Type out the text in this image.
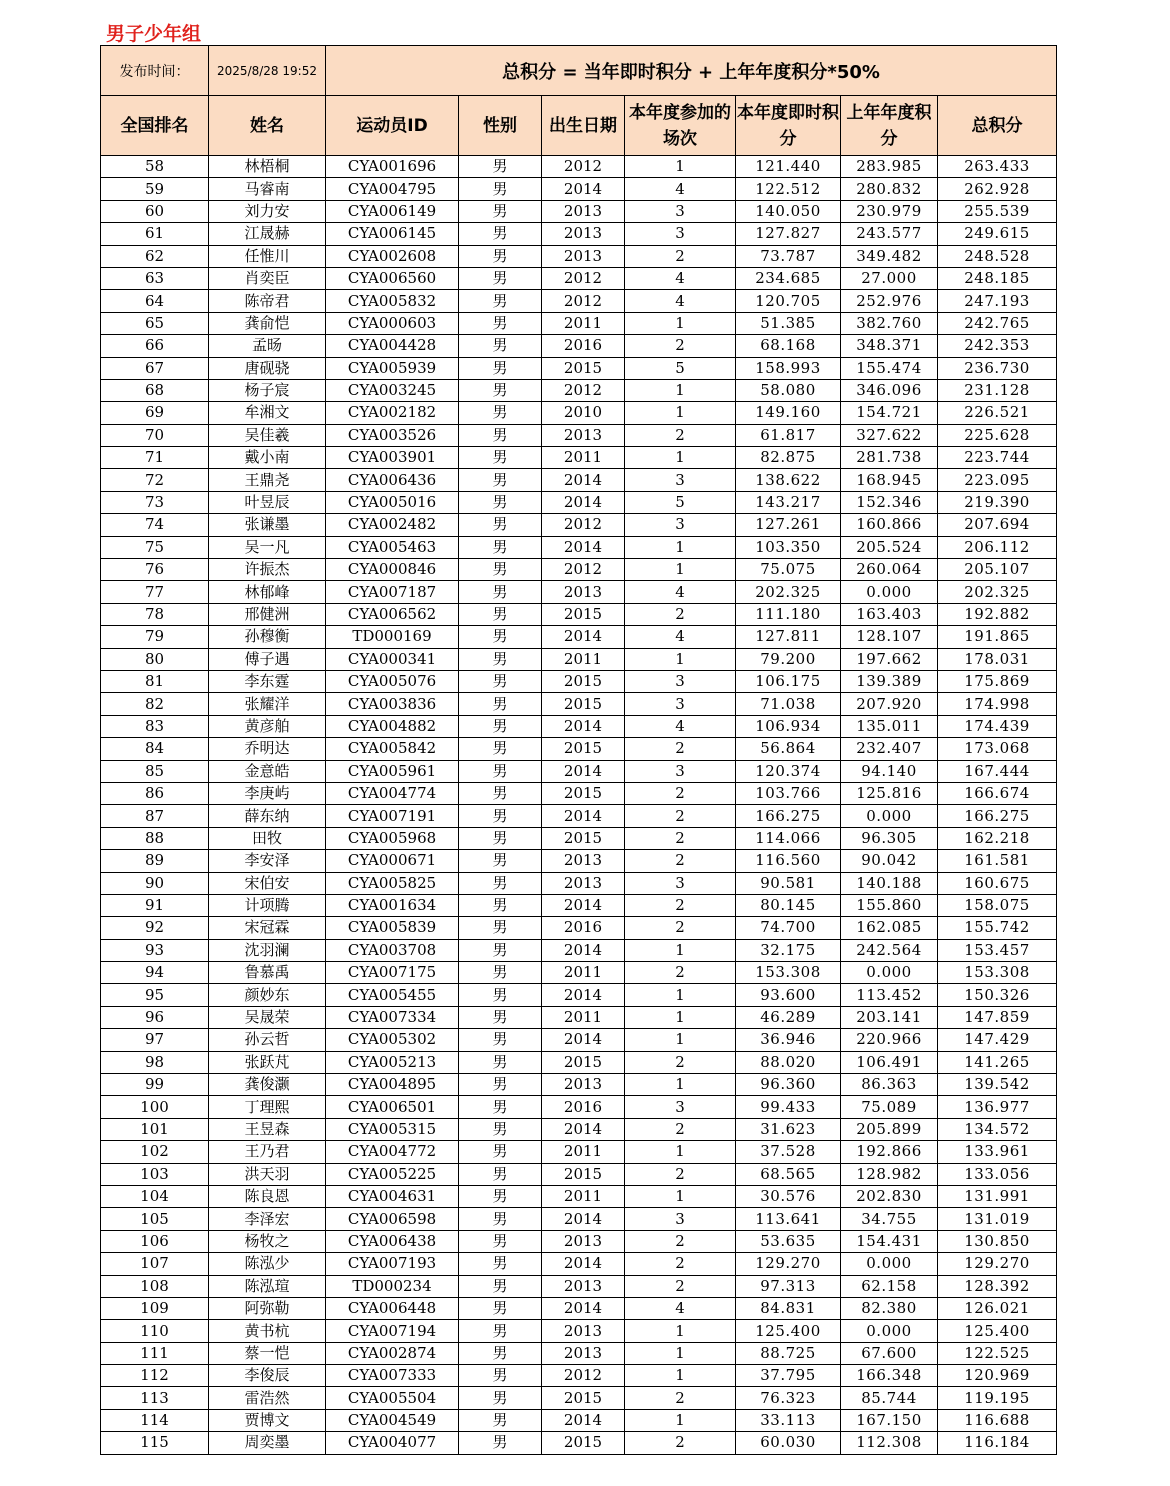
男子少年组
发布时间：	2025/8/28 19:52	总积分 = 当年即时积分 + 上年年度积分*50%						
全国排名	姓名	运动员ID	性别	出生日期	本年度参加的场次	本年度即时积分	上年年度积分	总积分
58	林梧桐	CYA001696	男	2012	1	121.440	283.985	263.433
59	马睿南	CYA004795	男	2014	4	122.512	280.832	262.928
60	刘力安	CYA006149	男	2013	3	140.050	230.979	255.539
61	江晟赫	CYA006145	男	2013	3	127.827	243.577	249.615
62	任惟川	CYA002608	男	2013	2	73.787	349.482	248.528
63	肖奕臣	CYA006560	男	2012	4	234.685	27.000	248.185
64	陈帝君	CYA005832	男	2012	4	120.705	252.976	247.193
65	龚俞恺	CYA000603	男	2011	1	51.385	382.760	242.765
66	孟旸	CYA004428	男	2016	2	68.168	348.371	242.353
67	唐砚骁	CYA005939	男	2015	5	158.993	155.474	236.730
68	杨子宸	CYA003245	男	2012	1	58.080	346.096	231.128
69	牟湘文	CYA002182	男	2010	1	149.160	154.721	226.521
70	吴佳羲	CYA003526	男	2013	2	61.817	327.622	225.628
71	戴小南	CYA003901	男	2011	1	82.875	281.738	223.744
72	王鼎尧	CYA006436	男	2014	3	138.622	168.945	223.095
73	叶昱辰	CYA005016	男	2014	5	143.217	152.346	219.390
74	张谦墨	CYA002482	男	2012	3	127.261	160.866	207.694
75	吴一凡	CYA005463	男	2014	1	103.350	205.524	206.112
76	许振杰	CYA000846	男	2012	1	75.075	260.064	205.107
77	林郁峰	CYA007187	男	2013	4	202.325	0.000	202.325
78	邢健洲	CYA006562	男	2015	2	111.180	163.403	192.882
79	孙穆衡	TD000169	男	2014	4	127.811	128.107	191.865
80	傅子遇	CYA000341	男	2011	1	79.200	197.662	178.031
81	李东霆	CYA005076	男	2015	3	106.175	139.389	175.869
82	张耀洋	CYA003836	男	2015	3	71.038	207.920	174.998
83	黄彦舶	CYA004882	男	2014	4	106.934	135.011	174.439
84	乔明达	CYA005842	男	2015	2	56.864	232.407	173.068
85	金意皓	CYA005961	男	2014	3	120.374	94.140	167.444
86	李庚屿	CYA004774	男	2015	2	103.766	125.816	166.674
87	薛东纳	CYA007191	男	2014	2	166.275	0.000	166.275
88	田牧	CYA005968	男	2015	2	114.066	96.305	162.218
89	李安泽	CYA000671	男	2013	2	116.560	90.042	161.581
90	宋伯安	CYA005825	男	2013	3	90.581	140.188	160.675
91	计项腾	CYA001634	男	2014	2	80.145	155.860	158.075
92	宋冠霖	CYA005839	男	2016	2	74.700	162.085	155.742
93	沈羽澜	CYA003708	男	2014	1	32.175	242.564	153.457
94	鲁慕禹	CYA007175	男	2011	2	153.308	0.000	153.308
95	颜妙东	CYA005455	男	2014	1	93.600	113.452	150.326
96	吴晟荣	CYA007334	男	2011	1	46.289	203.141	147.859
97	孙云哲	CYA005302	男	2014	1	36.946	220.966	147.429
98	张跃芃	CYA005213	男	2015	2	88.020	106.491	141.265
99	龚俊灏	CYA004895	男	2013	1	96.360	86.363	139.542
100	丁理熙	CYA006501	男	2016	3	99.433	75.089	136.977
101	王昱森	CYA005315	男	2014	2	31.623	205.899	134.572
102	王乃君	CYA004772	男	2011	1	37.528	192.866	133.961
103	洪天羽	CYA005225	男	2015	2	68.565	128.982	133.056
104	陈良恩	CYA004631	男	2011	1	30.576	202.830	131.991
105	李泽宏	CYA006598	男	2014	3	113.641	34.755	131.019
106	杨牧之	CYA006438	男	2013	2	53.635	154.431	130.850
107	陈泓少	CYA007193	男	2014	2	129.270	0.000	129.270
108	陈泓瑄	TD000234	男	2013	2	97.313	62.158	128.392
109	阿弥勒	CYA006448	男	2014	4	84.831	82.380	126.021
110	黄书杭	CYA007194	男	2013	1	125.400	0.000	125.400
111	蔡一恺	CYA002874	男	2013	1	88.725	67.600	122.525
112	李俊辰	CYA007333	男	2012	1	37.795	166.348	120.969
113	雷浩然	CYA005504	男	2015	2	76.323	85.744	119.195
114	贾博文	CYA004549	男	2014	1	33.113	167.150	116.688
115	周奕墨	CYA004077	男	2015	2	60.030	112.308	116.184
